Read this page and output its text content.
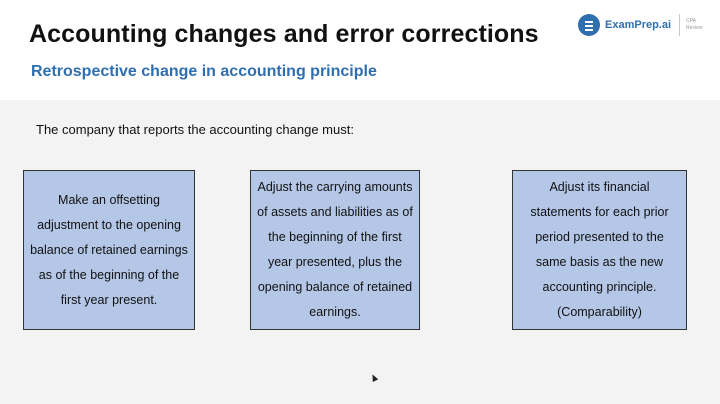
Accounting changes and error corrections
Retrospective change in accounting principle
ExamPrep.ai	CPA
Review
The company that reports the accounting change must:
Make an offsetting adjustment to the opening balance of retained earnings as of the beginning of the first year present.
Adjust the carrying amounts of assets and liabilities as of the beginning of the first year presented, plus the opening balance of retained earnings.
Adjust its financial statements for each prior period presented to the same basis as the new accounting principle. (Comparability)
